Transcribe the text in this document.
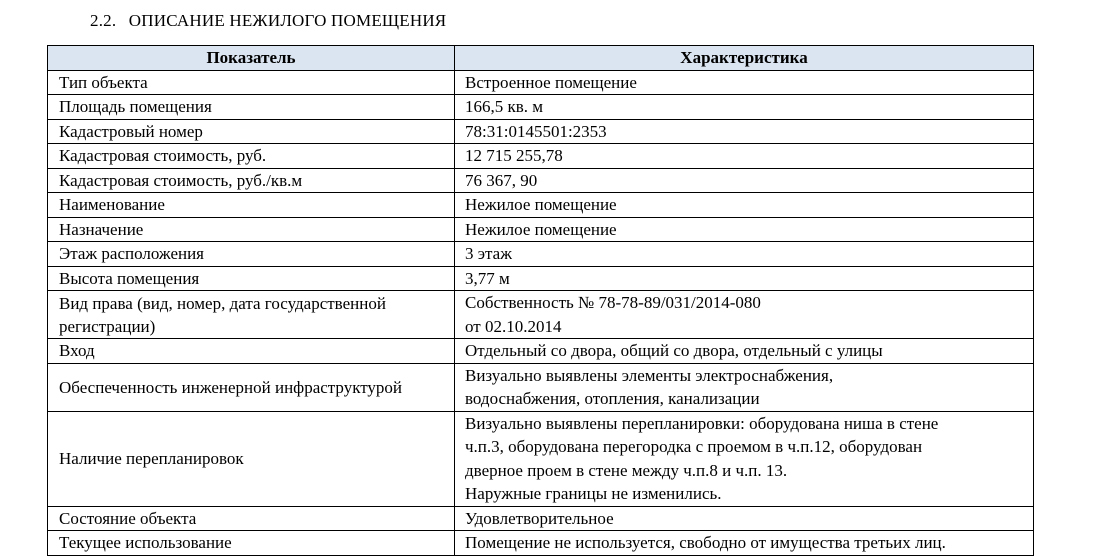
2.2. ОПИСАНИЕ НЕЖИЛОГО ПОМЕЩЕНИЯ
Показатель	Характеристика
Тип объекта	Встроенное помещение

Площадь помещения	166,5 кв. м

Кадастровый номер	78:31:0145501:2353

Кадастровая стоимость, руб.	12 715 255,78

Кадастровая стоимость, руб./кв.м	76 367, 90

Наименование	Нежилое помещение

Назначение	Нежилое помещение

Этаж расположения	3 этаж

Высота помещения	3,77 м

Вид права (вид, номер, дата государственной регистрации)	Собственность № 78-78-89/031/2014-080
от 02.10.2014

Вход	Отдельный со двора, общий со двора, отдельный с улицы

Обеспеченность инженерной инфраструктурой	Визуально выявлены элементы электроснабжения,
водоснабжения, отопления, канализации

Наличие перепланировок	Визуально выявлены перепланировки: оборудована ниша в стене
ч.п.3, оборудована перегородка с проемом в ч.п.12, оборудован
дверное проем в стене между ч.п.8 и ч.п. 13.
Наружные границы не изменились.

Состояние объекта	Удовлетворительное

Текущее использование	Помещение не используется, свободно от имущества третьих лиц.
